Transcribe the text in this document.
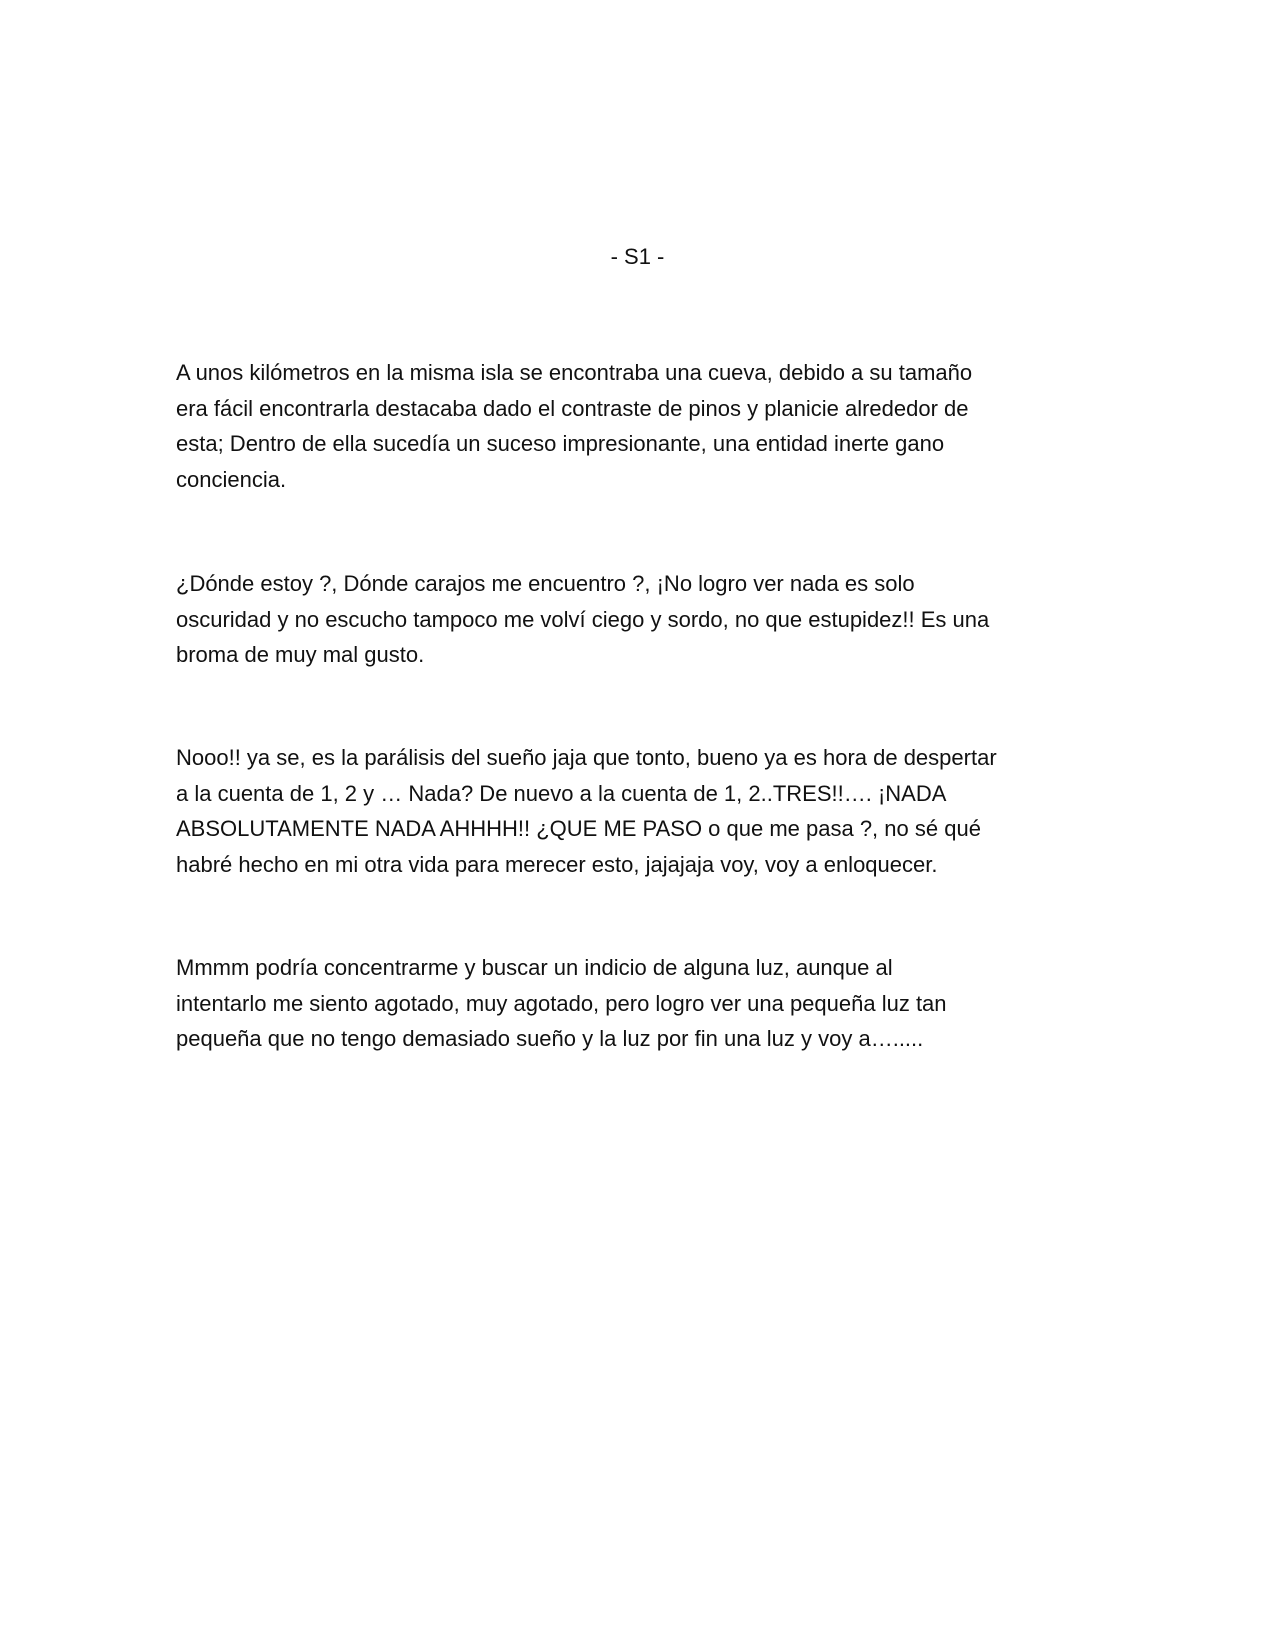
- S1 -

A unos kilómetros en la misma isla se encontraba una cueva, debido a su tamaño
era fácil encontrarla destacaba dado el contraste de pinos y planicie alrededor de
esta; Dentro de ella sucedía un suceso impresionante, una entidad inerte gano
conciencia.

¿Dónde estoy ?, Dónde carajos me encuentro ?, ¡No logro ver nada es solo
oscuridad y no escucho tampoco me volví ciego y sordo, no que estupidez!! Es una
broma de muy mal gusto.

Nooo!! ya se, es la parálisis del sueño jaja que tonto, bueno ya es hora de despertar
a la cuenta de 1, 2 y … Nada? De nuevo a la cuenta de 1, 2..TRES!!…. ¡NADA
ABSOLUTAMENTE NADA AHHHH!! ¿QUE ME PASO o que me pasa ?, no sé qué
habré hecho en mi otra vida para merecer esto, jajajaja voy, voy a enloquecer.

Mmmm podría concentrarme y buscar un indicio de alguna luz, aunque al
intentarlo me siento agotado, muy agotado, pero logro ver una pequeña luz tan
pequeña que no tengo demasiado sueño y la luz por fin una luz y voy a….....
